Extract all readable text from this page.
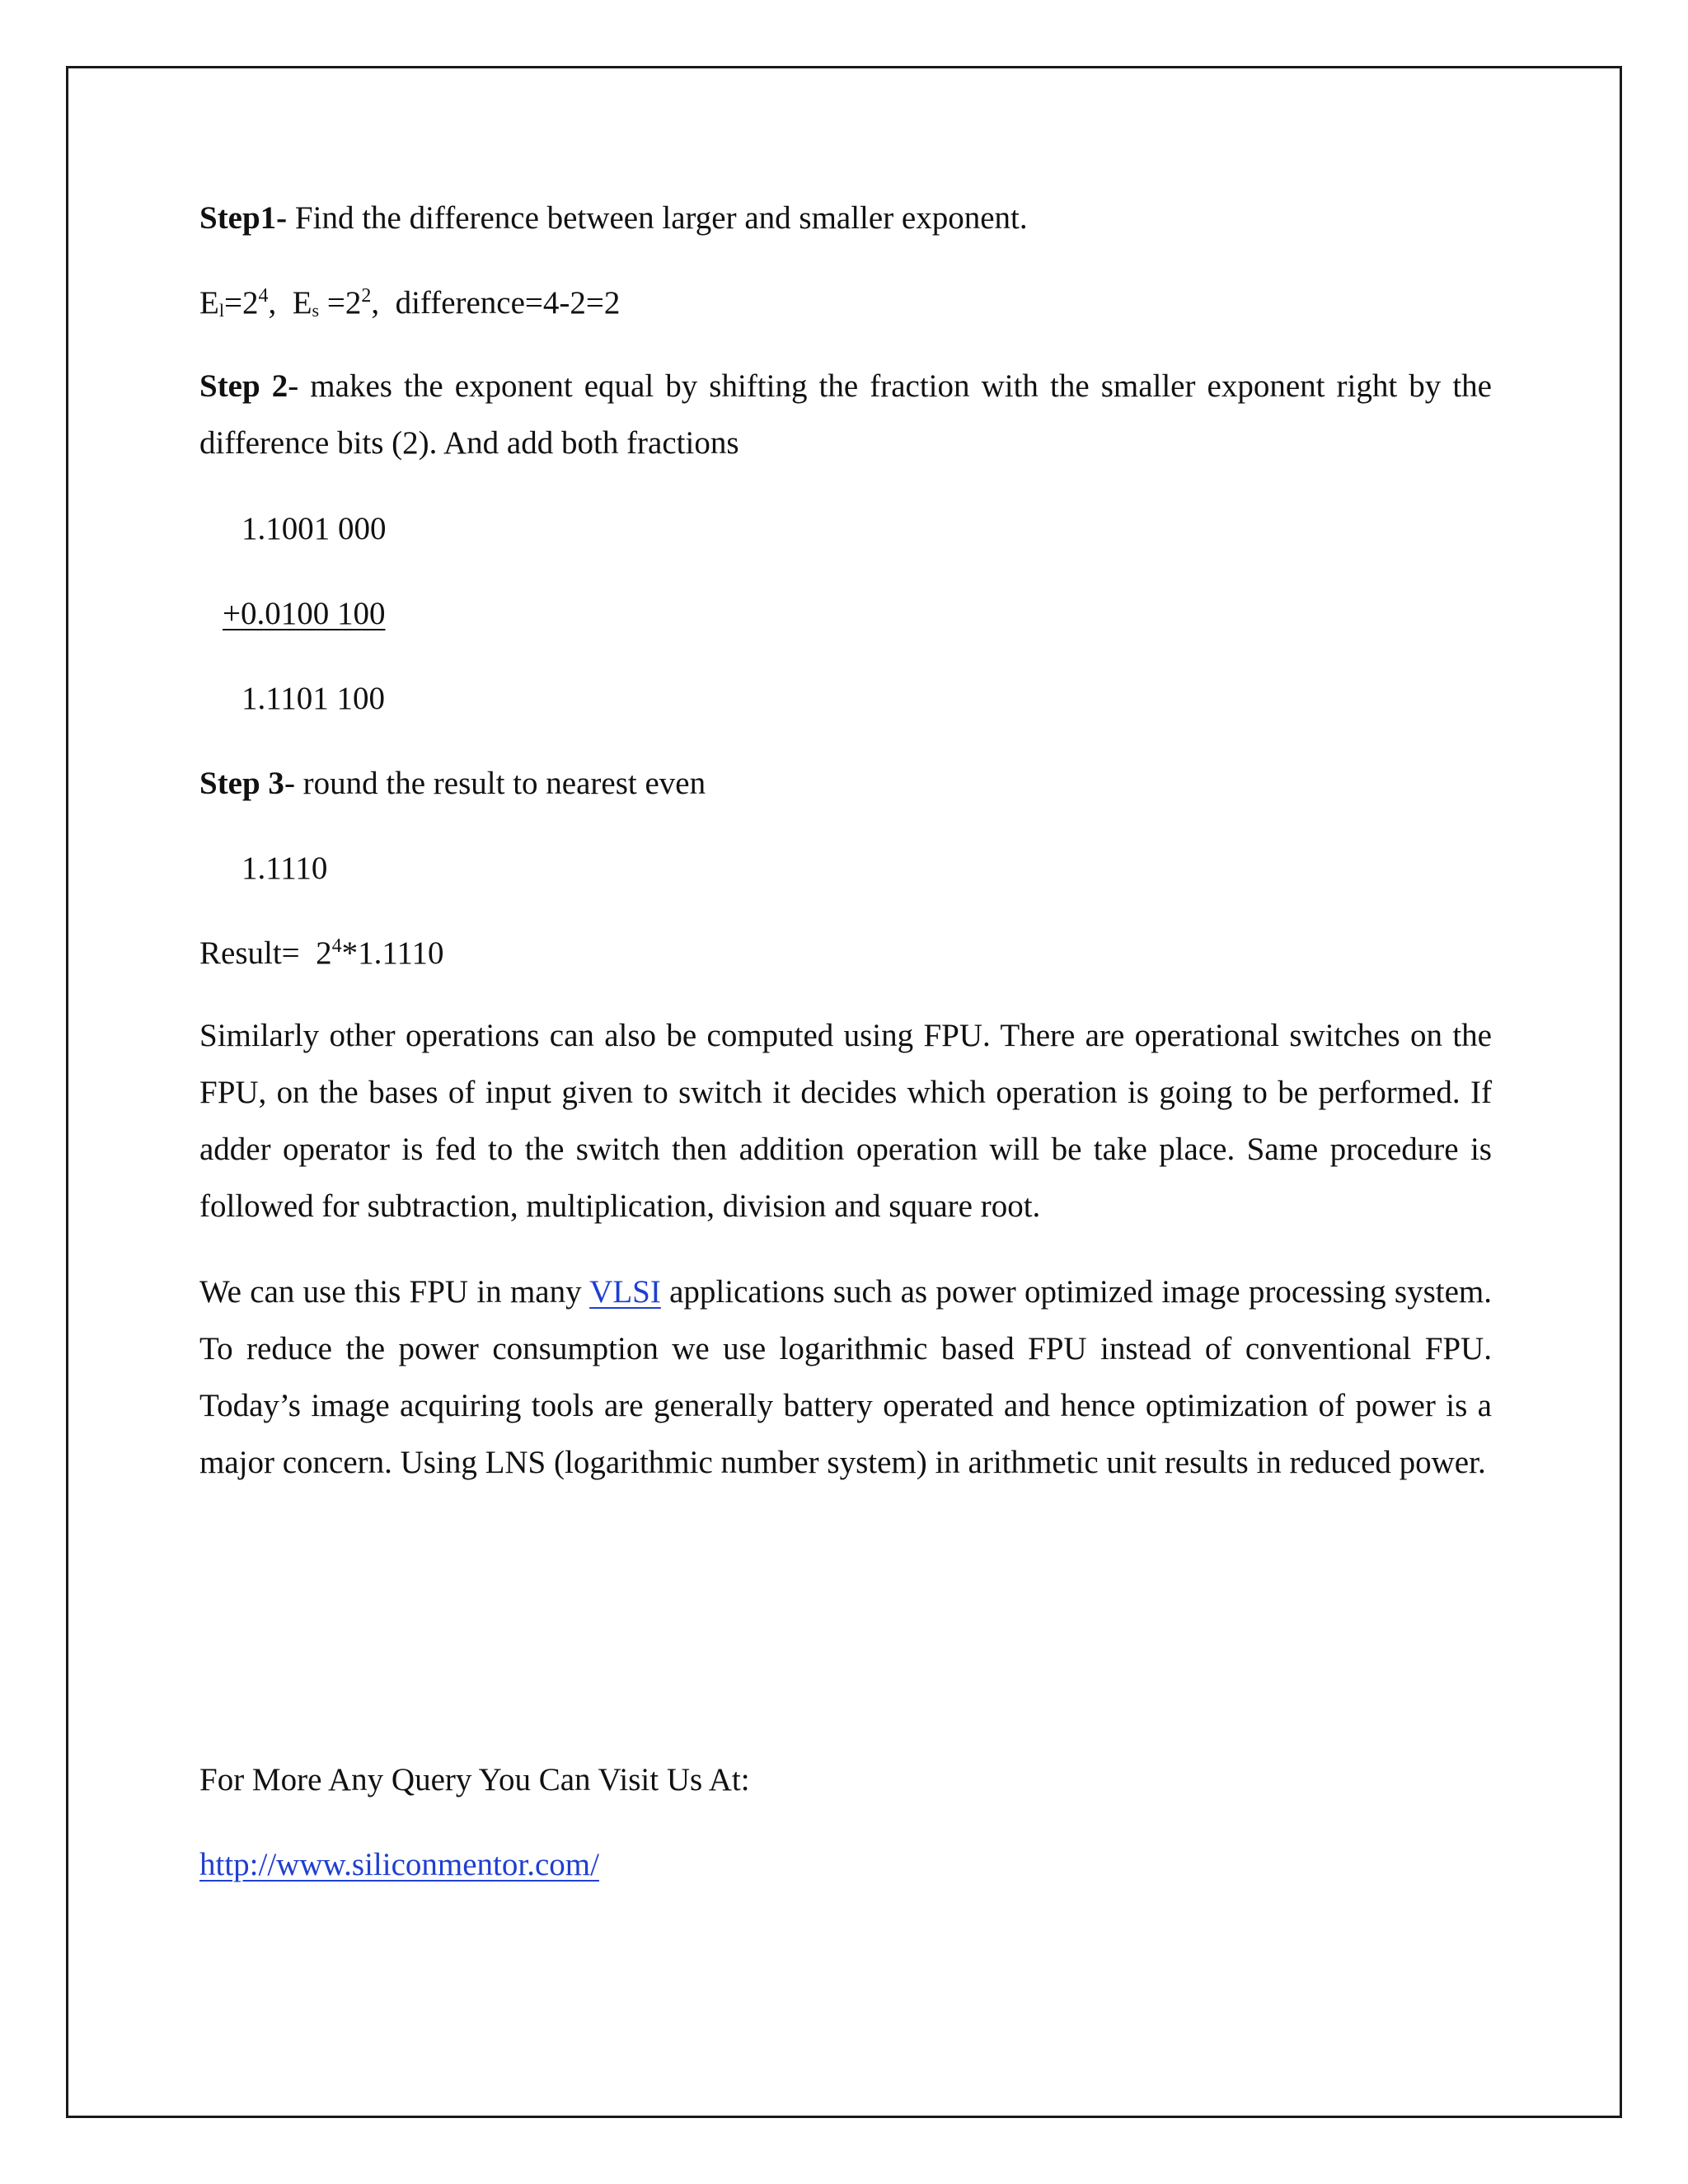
Step1- Find the difference between larger and smaller exponent.
$E_l=2^4$,  $E_s =2^2$,  difference=4-2=2
Step 2- makes the exponent equal by shifting the fraction with the smaller exponent right by the difference bits (2). And add both fractions
1.1001 000
+0.0100 100
1.1101 100
Step 3- round the result to nearest even
1.1110
Result=  $2^4*1.1110$
Similarly other operations can also be computed using FPU. There are operational switches on the FPU, on the bases of input given to switch it decides which operation is going to be performed. If adder operator is fed to the switch then addition operation will be take place. Same procedure is followed for subtraction, multiplication, division and square root.
We can use this FPU in many VLSI applications such as power optimized image processing system. To reduce the power consumption we use logarithmic based FPU instead of conventional FPU. Today’s image acquiring tools are generally battery operated and hence optimization of power is a major concern. Using LNS (logarithmic number system) in arithmetic unit results in reduced power.
For More Any Query You Can Visit Us At:
http://www.siliconmentor.com/
